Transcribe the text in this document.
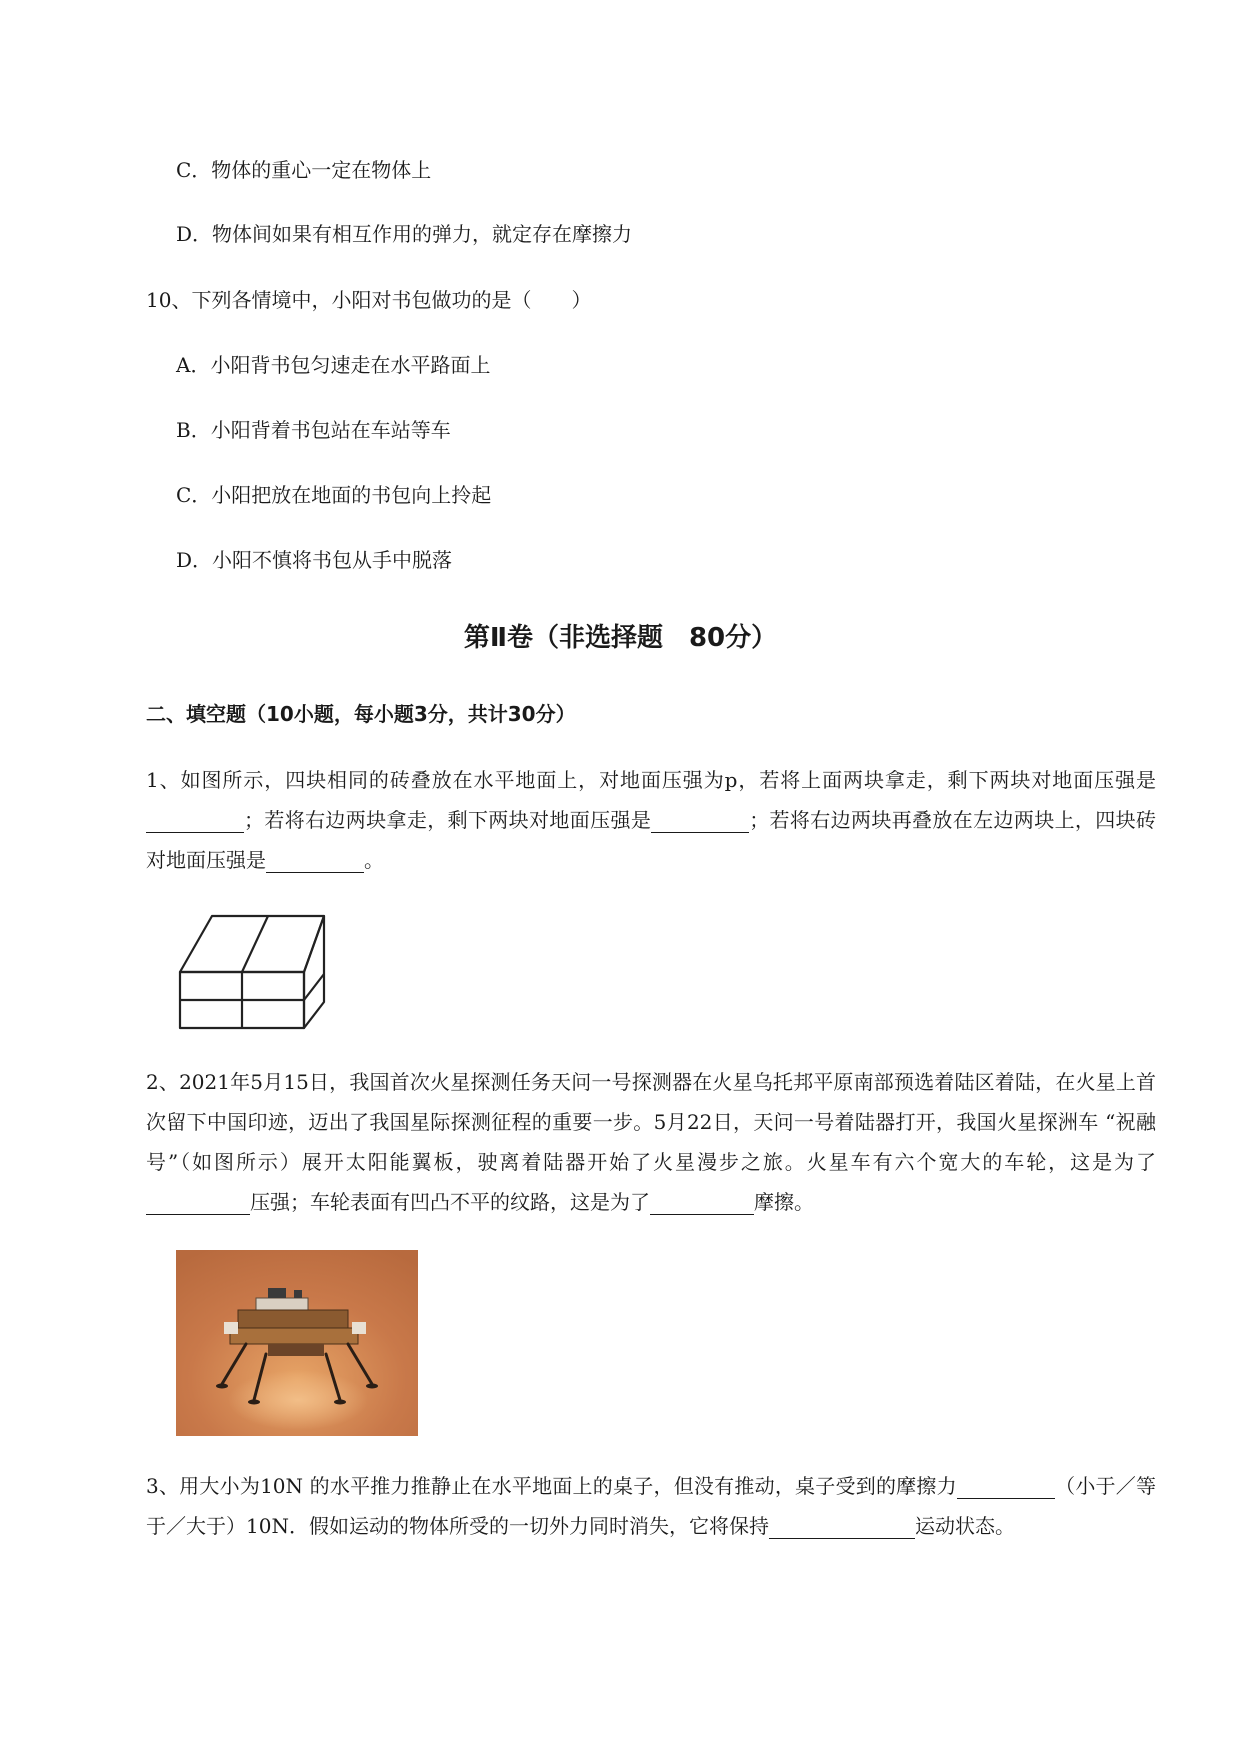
C．物体的重心一定在物体上
D．物体间如果有相互作用的弹力，就定存在摩擦力
10、下列各情境中，小阳对书包做功的是（　　）
A．小阳背书包匀速走在水平路面上
B．小阳背着书包站在车站等车
C．小阳把放在地面的书包向上拎起
D．小阳不慎将书包从手中脱落
第Ⅱ卷（非选择题　80分）
二、填空题（10小题，每小题3分，共计30分）
1、如图所示，四块相同的砖叠放在水平地面上，对地面压强为p，若将上面两块拿走，剩下两块对地面压强是；若将右边两块拿走，剩下两块对地面压强是	；若将右边两块再叠放在左边两块上，四块砖对地面压强是	。
2、2021年5月15日，我国首次火星探测任务天问一号探测器在火星乌托邦平原南部预选着陆区着陆，在火星上首次留下中国印迹，迈出了我国星际探测征程的重要一步。5月22日，天问一号着陆器打开，我国火星探洲车 “祝融号”（如图所示）展开太阳能翼板，驶离着陆器开始了火星漫步之旅。火星车有六个宽大的车轮，这是为了压强；车轮表面有凹凸不平的纹路，这是为了	摩擦。
3、用大小为10N 的水平推力推静止在水平地面上的桌子，但没有推动，桌子受到的摩擦力	（小于／等于／大于）10N．假如运动的物体所受的一切外力同时消失，它将保持	运动状态。
